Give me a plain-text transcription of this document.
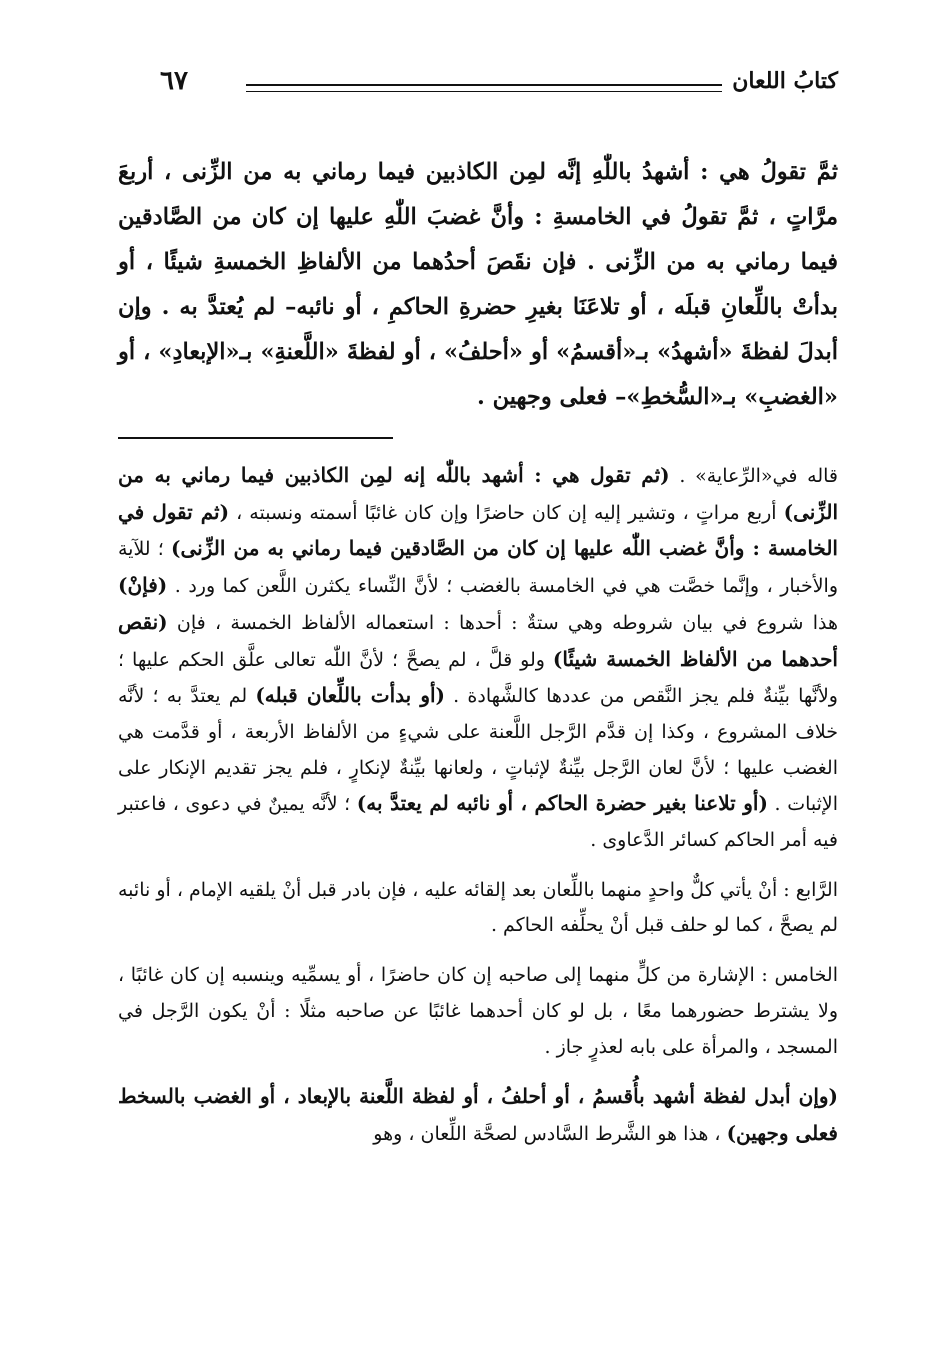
كتابُ اللعان
٦٧

ثمَّ تقولُ هي : أشهدُ باللّٰهِ إنَّه لمِن الكاذبين فيما رماني به من الزِّنى ، أربعَ مرَّاتٍ ، ثمَّ تقولُ في الخامسةِ : وأنَّ غضبَ اللّٰهِ عليها إن كان من الصَّادقين فيما رماني به من الزِّنى . فإن نقَصَ أحدُهما من الألفاظِ الخمسةِ شيئًا ، أو بدأتْ باللِّعانِ قبلَه ، أو تلاعَنَا بغيرِ حضرةِ الحاكمِ ، أو نائبه– لم يُعتدَّ به . وإن أبدلَ لفظةَ «أشهدُ» بـ«أقسمُ» أو «أحلفُ» ، أو لفظةَ «اللَّعنةِ» بـ«الإبعادِ» ، أو «الغضبِ» بـ«السُّخطِ»– فعلى وجهين .

قاله في«الرِّعاية» . (ثم تقول هي : أشهد باللّٰه إنه لمِن الكاذبين فيما رماني به من الزِّنى) أربع مراتٍ ، وتشير إليه إن كان حاضرًا وإن كان غائبًا أسمته ونسبته ، (ثم تقول في الخامسة : وأنَّ غضب اللّٰه عليها إن كان من الصَّادقين فيما رماني به من الزِّنى) ؛ للآية والأخبار ، وإنَّما خصَّت هي في الخامسة بالغضب ؛ لأنَّ النِّساء يكثرن اللَّعن كما ورد . (فإنْ) هذا شروع في بيان شروطه وهي ستةٌ : أحدها : استعماله الألفاظ الخمسة ، فإن (نقص أحدهما من الألفاظ الخمسة شيئًا) ولو قلَّ ، لم يصحَّ ؛ لأنَّ اللّٰه تعالى علَّق الحكم عليها ؛ ولأنَّها بيِّنةٌ فلم يجز النَّقص من عددها كالشَّهادة . (أو بدأت باللِّعان قبله) لم يعتدَّ به ؛ لأنَّه خلاف المشروع ، وكذا إن قدَّم الرَّجل اللَّعنة على شيءٍ من الألفاظ الأربعة ، أو قدَّمت هي الغضب عليها ؛ لأنَّ لعان الرَّجل بيِّنةٌ لإثباتٍ ، ولعانها بيِّنةٌ لإنكارٍ ، فلم يجز تقديم الإنكار على الإثبات . (أو تلاعنا بغير حضرة الحاكم ، أو نائبه لم يعتدَّ به) ؛ لأنَّه يمينٌ في دعوى ، فاعتبر فيه أمر الحاكم كسائر الدَّعاوى .

الرَّابع : أنْ يأتي كلٌّ واحدٍ منهما باللِّعان بعد إلقائه عليه ، فإن بادر قبل أنْ يلقيه الإمام ، أو نائبه لم يصحَّ ، كما لو حلف قبل أنْ يحلِّفه الحاكم .

الخامس : الإشارة من كلٍّ منهما إلى صاحبه إن كان حاضرًا ، أو يسمِّيه وينسبه إن كان غائبًا ، ولا يشترط حضورهما معًا ، بل لو كان أحدهما غائبًا عن صاحبه مثلًا : أنْ يكون الرَّجل في المسجد ، والمرأة على بابه لعذرٍ جاز .

(وإن أبدل لفظة أشهد بأُقسمُ ، أو أحلفُ ، أو لفظة اللَّعنة بالإبعاد ، أو الغضب بالسخط فعلى وجهين) ، هذا هو الشَّرط السَّادس لصحَّة اللِّعان ، وهو
